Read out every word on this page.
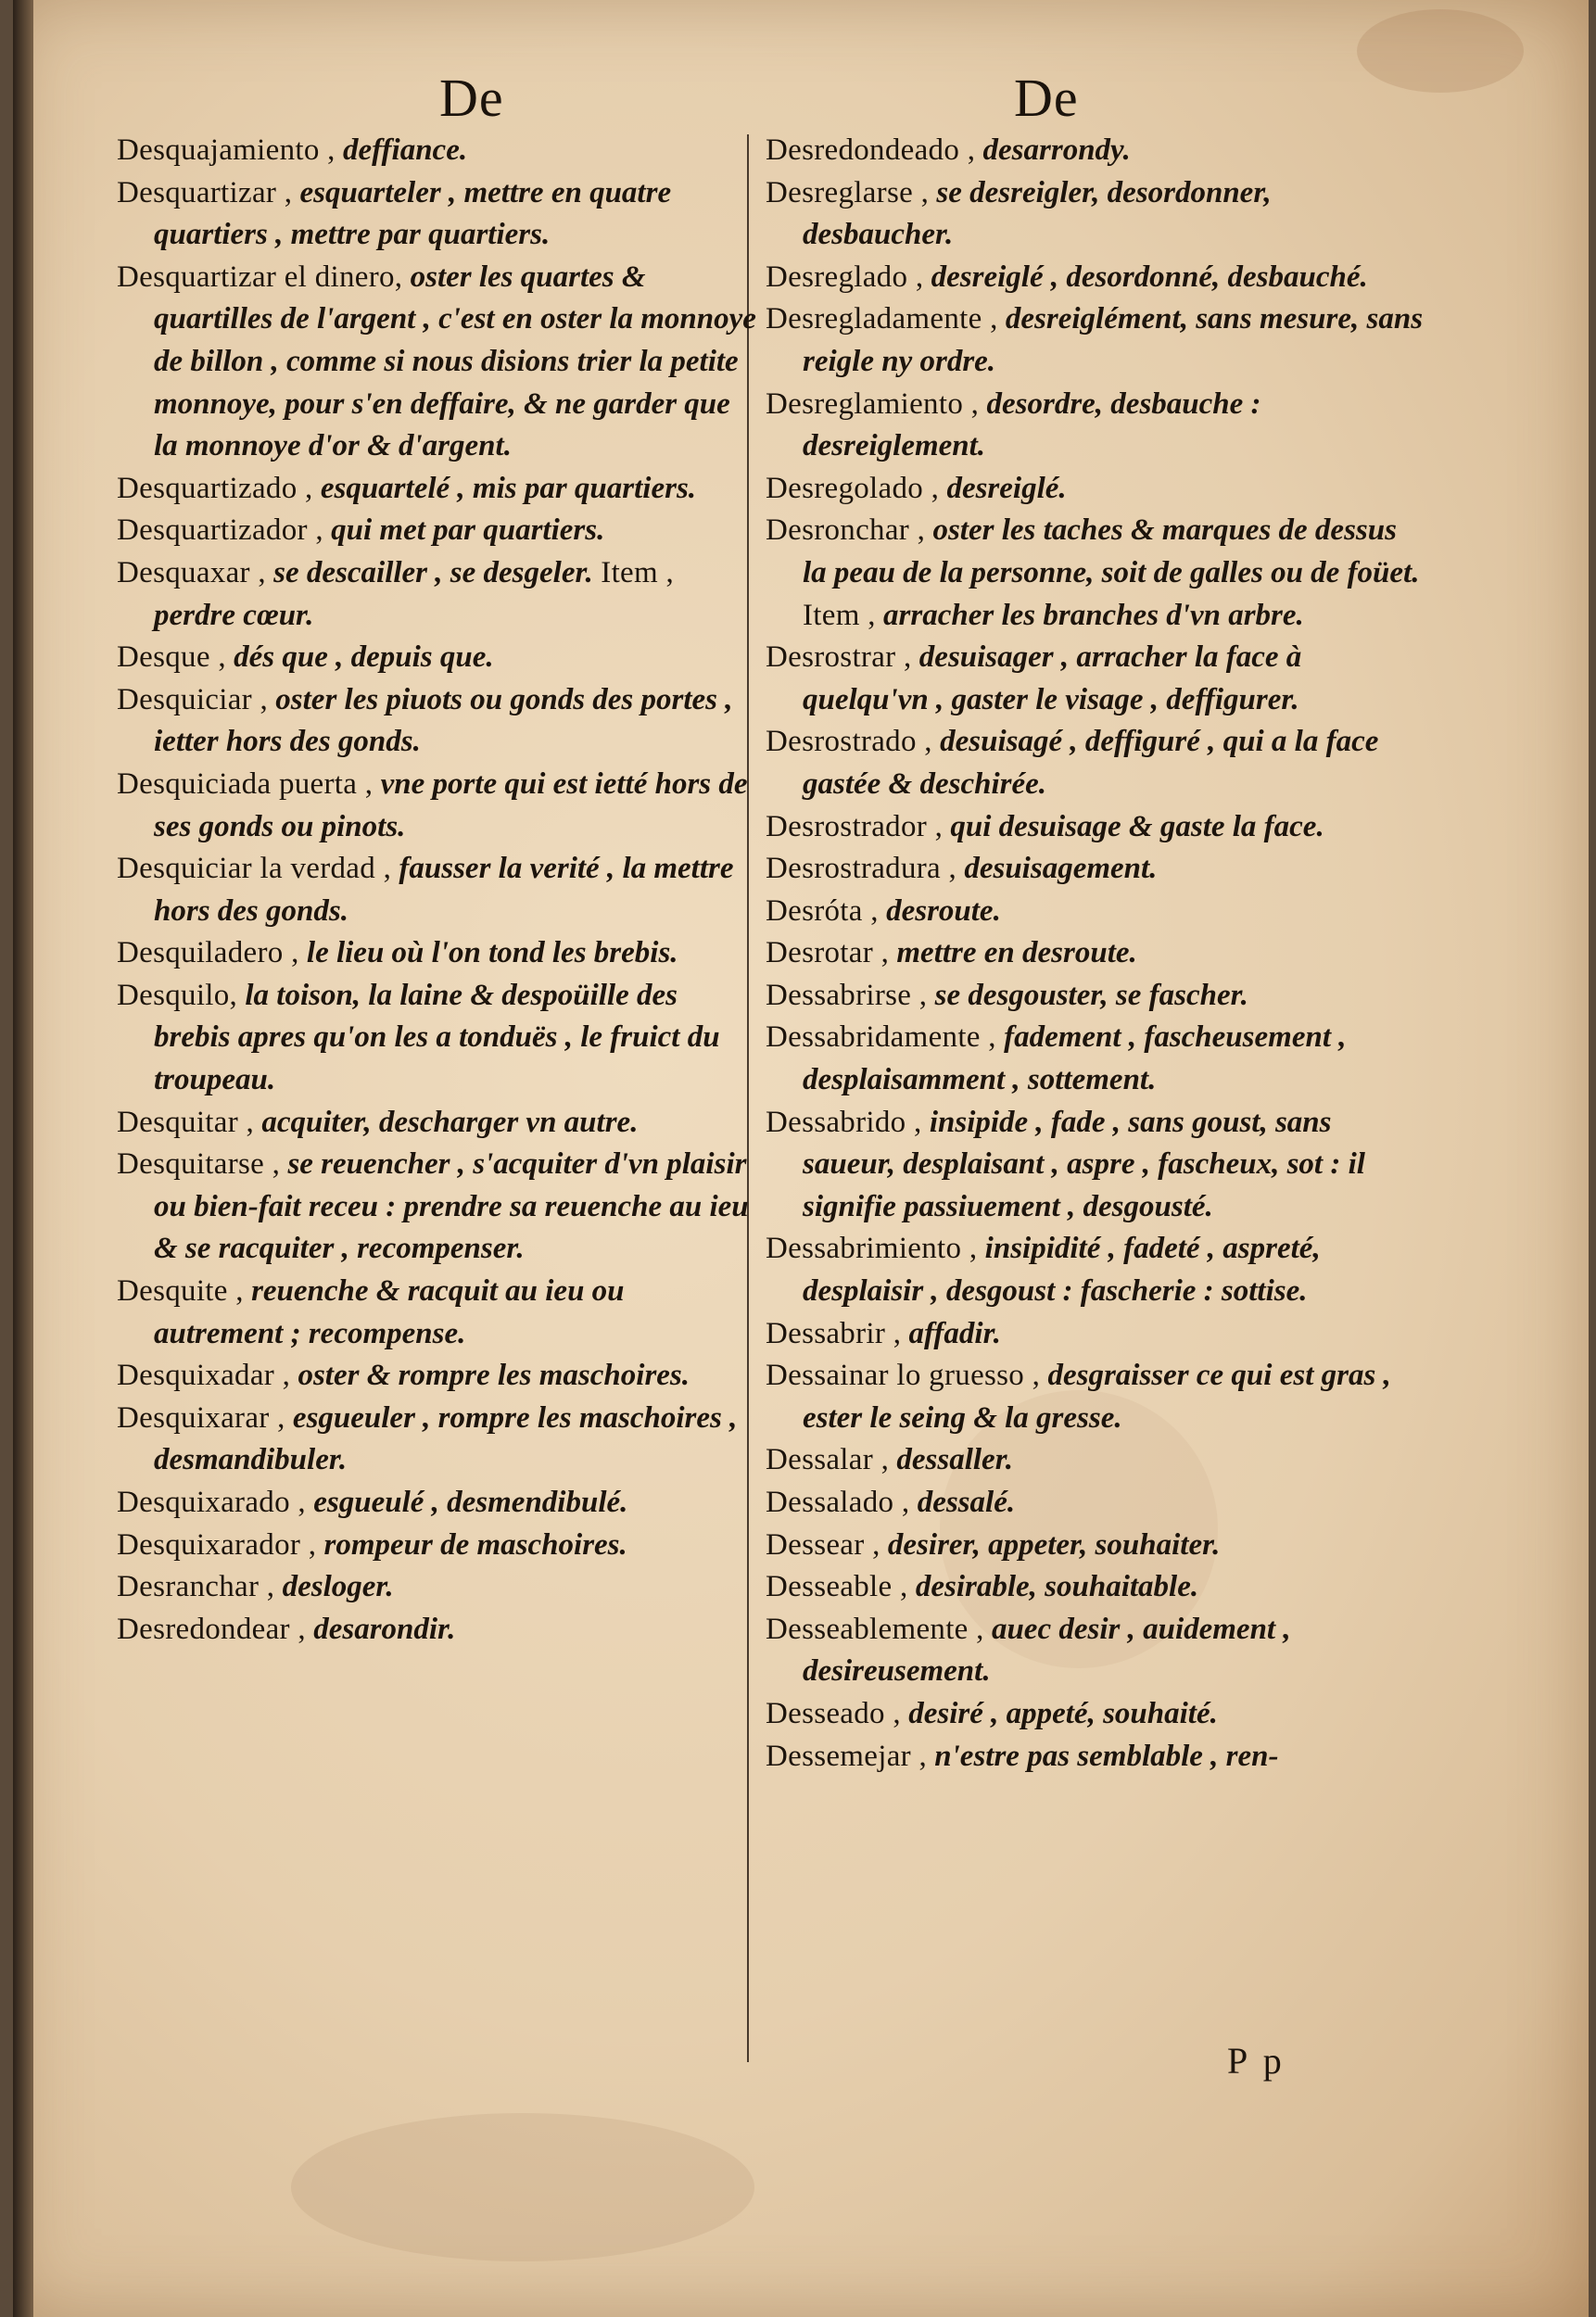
De	De
Desquajamiento , deffiance.
Desquartizar , esquarteler , mettre en quatre quartiers , mettre par quartiers.
Desquartizar el dinero, oster les quartes & quartilles de l'argent , c'est en oster la monnoye de billon , comme si nous disions trier la petite monnoye, pour s'en deffaire, & ne garder que la monnoye d'or & d'argent.
Desquartizado , esquartelé , mis par quartiers.
Desquartizador , qui met par quartiers.
Desquaxar , se descailler , se desgeler. Item , perdre cœur.
Desque , dés que , depuis que.
Desquiciar , oster les piuots ou gonds des portes , ietter hors des gonds.
Desquiciada puerta , vne porte qui est ietté hors de ses gonds ou pinots.
Desquiciar la verdad , fausser la verité , la mettre hors des gonds.
Desquiladero , le lieu où l'on tond les brebis.
Desquilo, la toison, la laine & despoüille des brebis apres qu'on les a tonduës , le fruict du troupeau.
Desquitar , acquiter, descharger vn autre.
Desquitarse , se reuencher , s'acquiter d'vn plaisir ou bien-fait receu : prendre sa reuenche au ieu & se racquiter , recompenser.
Desquite , reuenche & racquit au ieu ou autrement ; recompense.
Desquixadar , oster & rompre les maschoires.
Desquixarar , esgueuler , rompre les maschoires , desmandibuler.
Desquixarado , esgueulé , desmendibulé.
Desquixarador , rompeur de maschoires.
Desranchar , desloger.
Desredondear , desarondir.
Desredondeado , desarrondy.
Desreglarse , se desreigler, desordonner, desbaucher.
Desreglado , desreiglé , desordonné, desbauché.
Desregladamente , desreiglément, sans mesure, sans reigle ny ordre.
Desreglamiento , desordre, desbauche : desreiglement.
Desregolado , desreiglé.
Desronchar , oster les taches & marques de dessus la peau de la personne, soit de galles ou de foüet. Item , arracher les branches d'vn arbre.
Desrostrar , desuisager , arracher la face à quelqu'vn , gaster le visage , deffigurer.
Desrostrado , desuisagé , deffiguré , qui a la face gastée & deschirée.
Desrostrador , qui desuisage & gaste la face.
Desrostradura , desuisagement.
Desróta , desroute.
Desrotar , mettre en desroute.
Dessabrirse , se desgouster, se fascher.
Dessabridamente , fadement , fascheusement , desplaisamment , sottement.
Dessabrido , insipide , fade , sans goust, sans saueur, desplaisant , aspre , fascheux, sot : il signifie passiuement , desgousté.
Dessabrimiento , insipidité , fadeté , aspreté, desplaisir , desgoust : fascherie : sottise.
Dessabrir , affadir.
Dessainar lo gruesso , desgraisser ce qui est gras , ester le seing & la gresse.
Dessalar , dessaller.
Dessalado , dessalé.
Dessear , desirer, appeter, souhaiter.
Desseable , desirable, souhaitable.
Desseablemente , auec desir , auidement , desireusement.
Desseado , desiré , appeté, souhaité.
Dessemejar , n'estre pas semblable , ren-
P p
